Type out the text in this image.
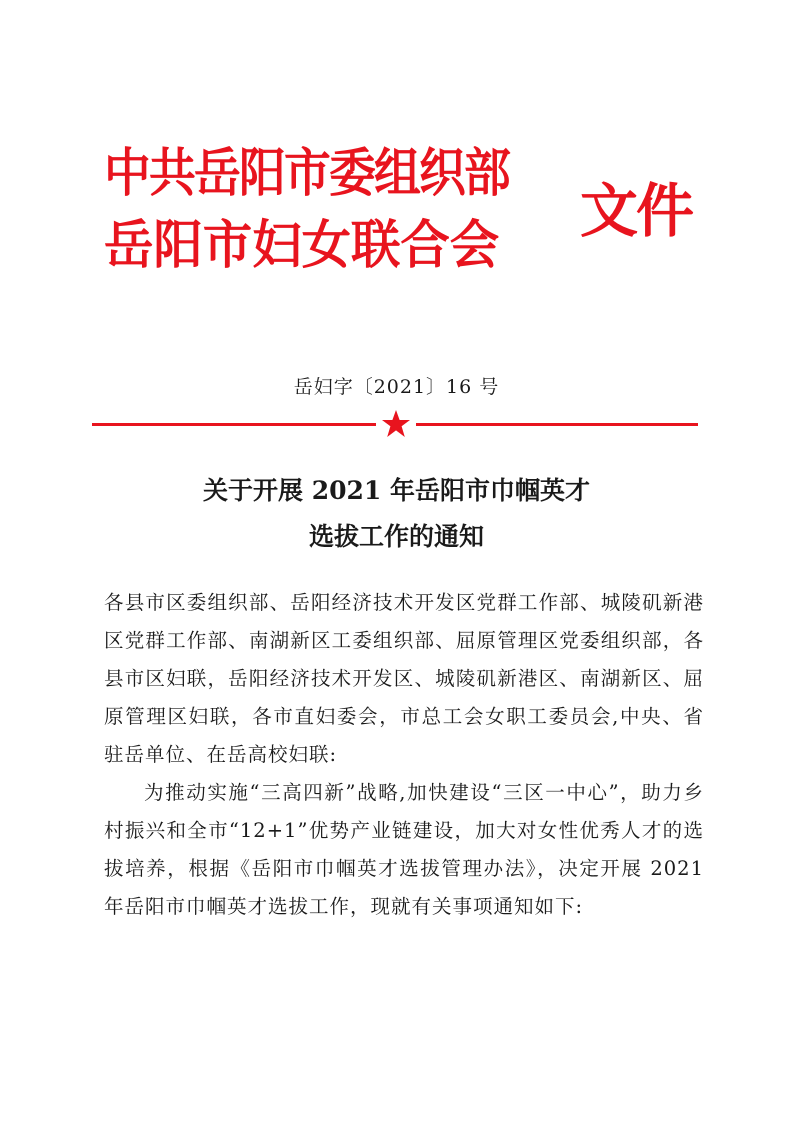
中共岳阳市委组织部
岳阳市妇女联合会
文件
岳妇字〔2021〕16 号
关于开展 2021 年岳阳市巾帼英才
选拔工作的通知
各县市区委组织部、岳阳经济技术开发区党群工作部、城陵矶新港区党群工作部、南湖新区工委组织部、屈原管理区党委组织部，各县市区妇联，岳阳经济技术开发区、城陵矶新港区、南湖新区、屈原管理区妇联，各市直妇委会，市总工会女职工委员会,中央、省驻岳单位、在岳高校妇联:
为推动实施“三高四新”战略,加快建设“三区一中心”，助力乡村振兴和全市“12+1”优势产业链建设，加大对女性优秀人才的选拔培养，根据《岳阳市巾帼英才选拔管理办法》，决定开展 2021 年岳阳市巾帼英才选拔工作，现就有关事项通知如下:
